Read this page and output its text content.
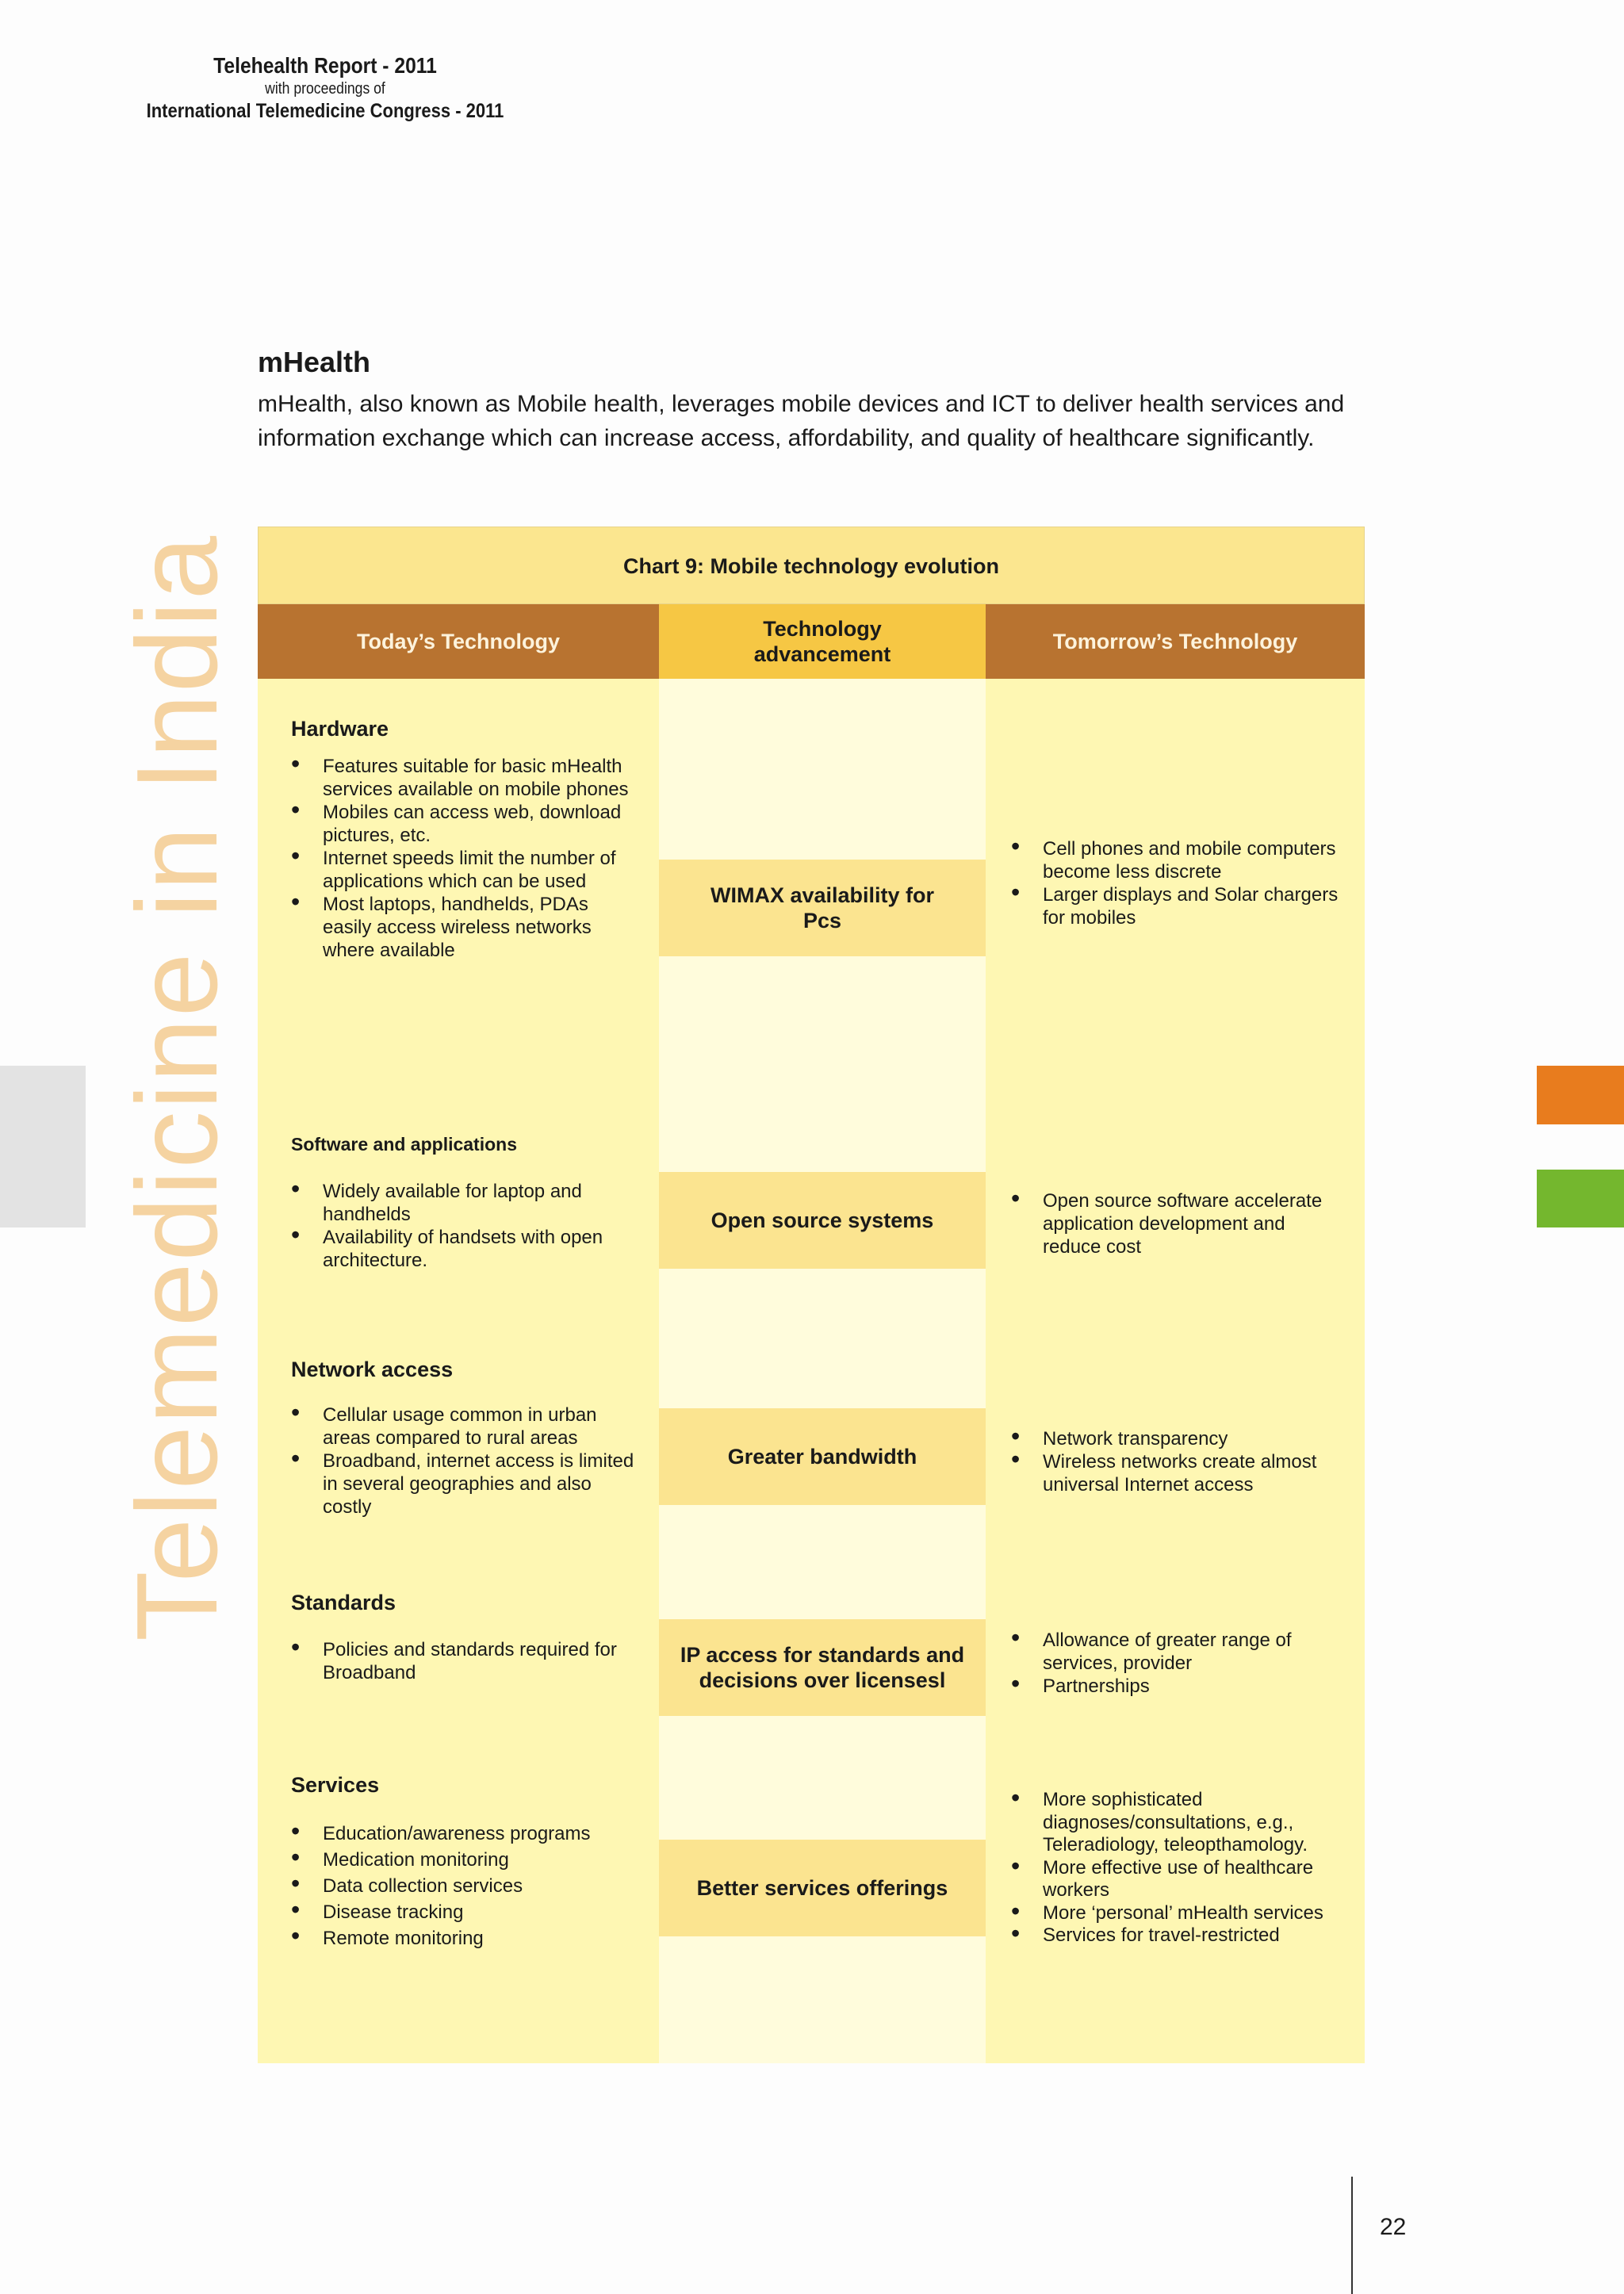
Telehealth Report - 2011
with proceedings of
International Telemedicine Congress - 2011
mHealth
mHealth, also known as Mobile health, leverages mobile devices and ICT to deliver health services and information exchange which can increase access, affordability, and quality of healthcare significantly.
Telemedicine in India	Chart 9: Mobile technology evolution
Today’s Technology
Technology advancement
Tomorrow’s Technology
Hardware
• Features suitable for basic mHealth services available on mobile phones
• Mobiles can access web, download pictures, etc.
• Internet speeds limit the number of applications which can be used
• Most laptops, handhelds, PDAs easily access wireless networks where available
WIMAX availability for Pcs
• Cell phones and mobile computers become less discrete
• Larger displays and Solar chargers for mobiles
Software and applications
• Widely available for laptop and handhelds
• Availability of handsets with open architecture.
Open source systems
• Open source software accelerate application development and reduce cost
Network access
• Cellular usage common in urban areas compared to rural areas
• Broadband, internet access is limited in several geographies and also costly
Greater bandwidth
• Network transparency
• Wireless networks create almost universal Internet access
Standards
• Policies and standards required for Broadband
IP access for standards and decisions over licensesl
• Allowance of greater range of services, provider
• Partnerships
Services
• Education/awareness programs
• Medication monitoring
• Data collection services
• Disease tracking
• Remote monitoring
Better services offerings
• More sophisticated diagnoses/consultations, e.g., Teleradiology, teleopthamology.
• More effective use of healthcare workers
• More ‘personal’ mHealth services
• Services for travel-restricted
22
